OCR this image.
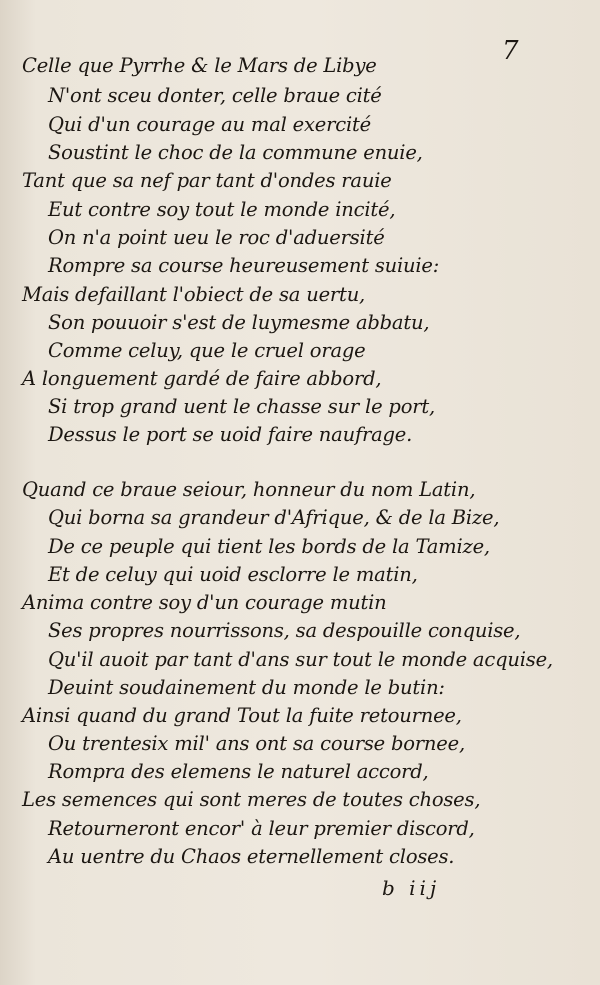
7
Celle que Pyrrhe & le Mars de Libye
N'ont sceu donter, celle braue cité
Qui d'un courage au mal exercité
Soustint le choc de la commune enuie,
Tant que sa nef par tant d'ondes rauie
Eut contre soy tout le monde incité,
On n'a point ueu le roc d'aduersité
Rompre sa course heureusement suiuie:
Mais defaillant l'obiect de sa uertu,
Son pouuoir s'est de luymesme abbatu,
Comme celuy, que le cruel orage
A longuement gardé de faire abbord,
Si trop grand uent le chasse sur le port,
Dessus le port se uoid faire naufrage.
Quand ce braue seiour, honneur du nom Latin,
Qui borna sa grandeur d'Afrique, & de la Bize,
De ce peuple qui tient les bords de la Tamize,
Et de celuy qui uoid esclorre le matin,
Anima contre soy d'un courage mutin
Ses propres nourrissons, sa despouille conquise,
Qu'il auoit par tant d'ans sur tout le monde acquise,
Deuint soudainement du monde le butin:
Ainsi quand du grand Tout la fuite retournee,
Ou trentesix mil' ans ont sa course bornee,
Rompra des elemens le naturel accord,
Les semences qui sont meres de toutes choses,
Retourneront encor' à leur premier discord,
Au uentre du Chaos eternellement closes.
b iij
